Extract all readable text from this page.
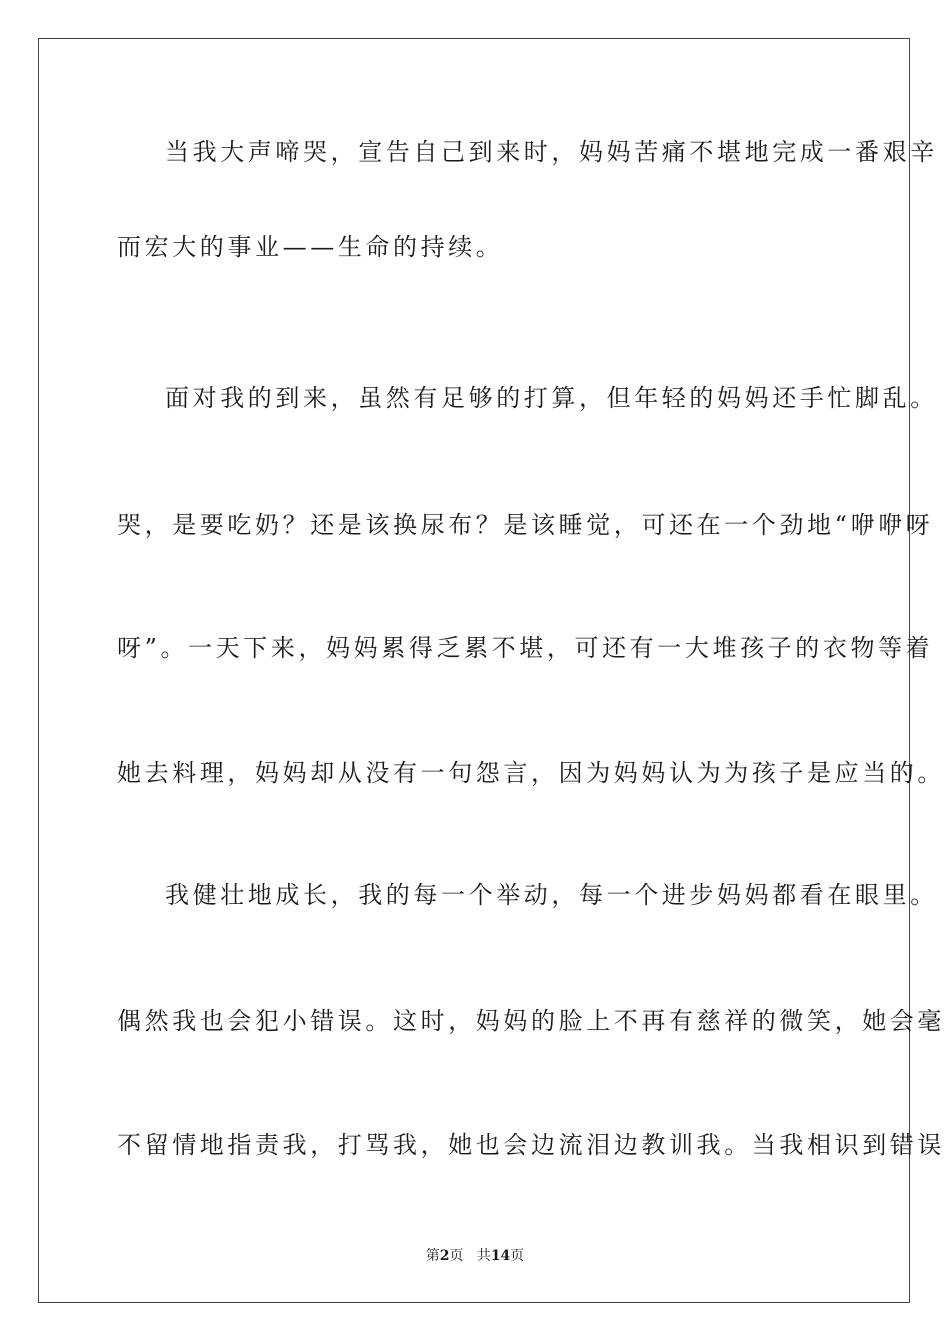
当我大声啼哭，宣告自己到来时，妈妈苦痛不堪地完成一番艰辛
而宏大的事业——生命的持续。
面对我的到来，虽然有足够的打算，但年轻的妈妈还手忙脚乱。
哭，是要吃奶？还是该换尿布？是该睡觉，可还在一个劲地“咿咿呀
呀”。一天下来，妈妈累得乏累不堪，可还有一大堆孩子的衣物等着
她去料理，妈妈却从没有一句怨言，因为妈妈认为为孩子是应当的。
我健壮地成长，我的每一个举动，每一个进步妈妈都看在眼里。
偶然我也会犯小错误。这时，妈妈的脸上不再有慈祥的微笑，她会毫
不留情地指责我，打骂我，她也会边流泪边教训我。当我相识到错误
第2页 共14页
